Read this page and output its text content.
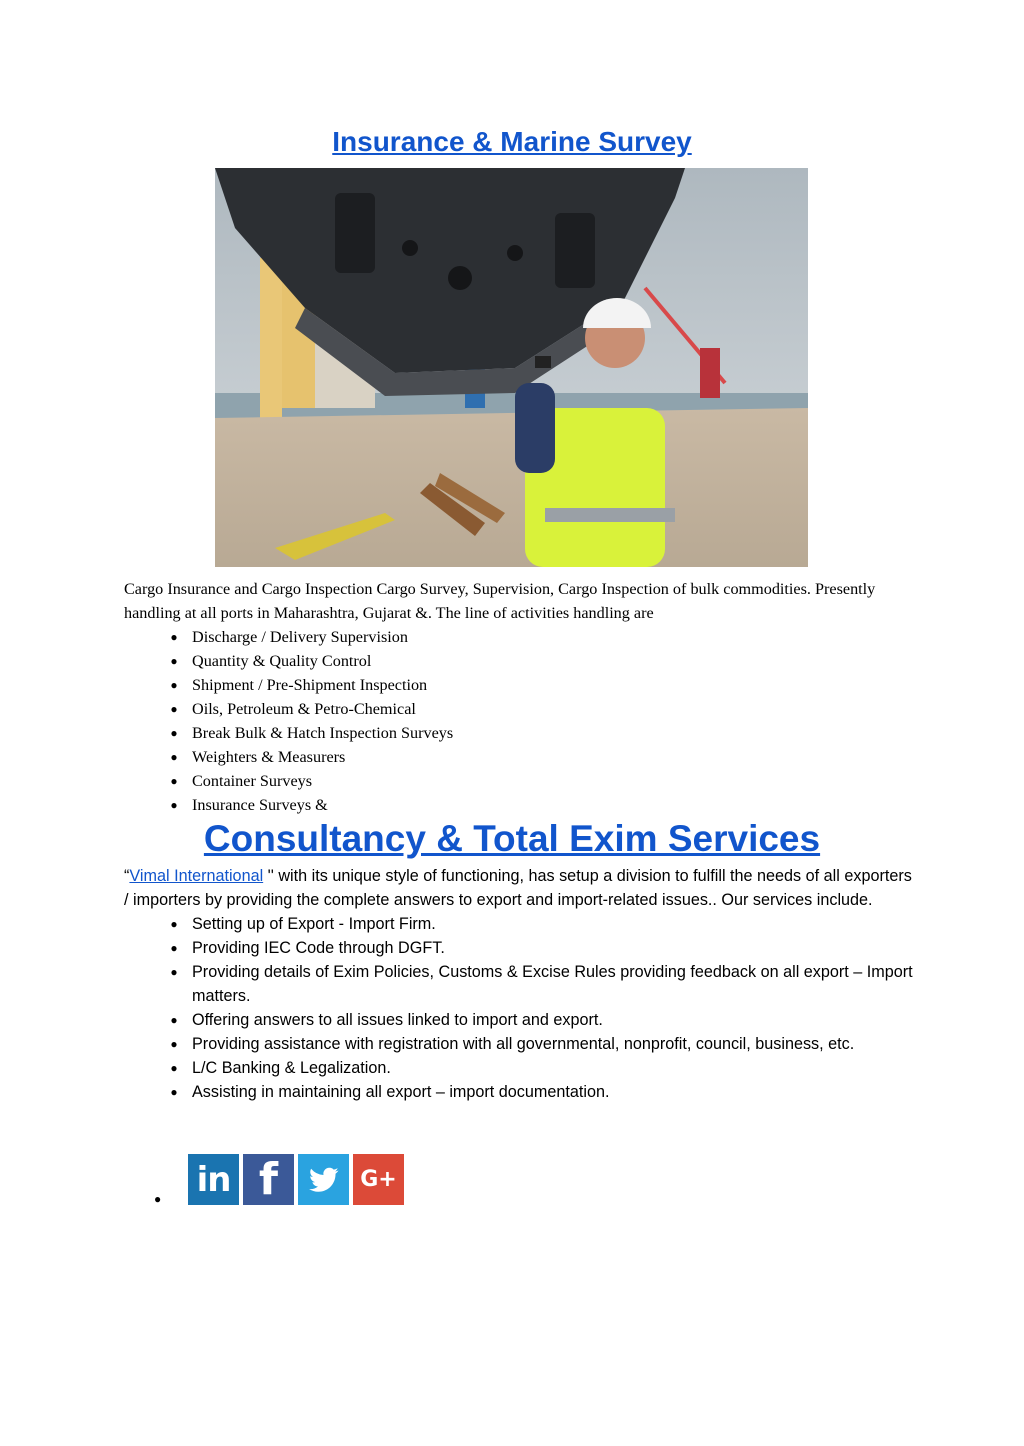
Insurance & Marine Survey

Cargo Insurance and Cargo Inspection Cargo Survey, Supervision, Cargo Inspection of bulk commodities. Presently handling at all ports in Maharashtra, Gujarat &. The line of activities handling are

● Discharge / Delivery Supervision
● Quantity & Quality Control
● Shipment / Pre-Shipment Inspection
● Oils, Petroleum & Petro-Chemical
● Break Bulk & Hatch Inspection Surveys
● Weighters & Measurers
● Container Surveys
● Insurance Surveys &
Consultancy & Total Exim Services

“Vimal International '' with its unique style of functioning, has setup a division to fulfill the needs of all exporters / importers by providing the complete answers to export and import-related issues.. Our services include.

● Setting up of Export - Import Firm.
● Providing IEC Code through DGFT.
● Providing details of Exim Policies, Customs & Excise Rules providing feedback on all export – Import matters.
● Offering answers to all issues linked to import and export.
● Providing assistance with registration with all governmental, nonprofit, council, business, etc.
● L/C Banking & Legalization.
● Assisting in maintaining all export – import documentation.
● in f	G+
